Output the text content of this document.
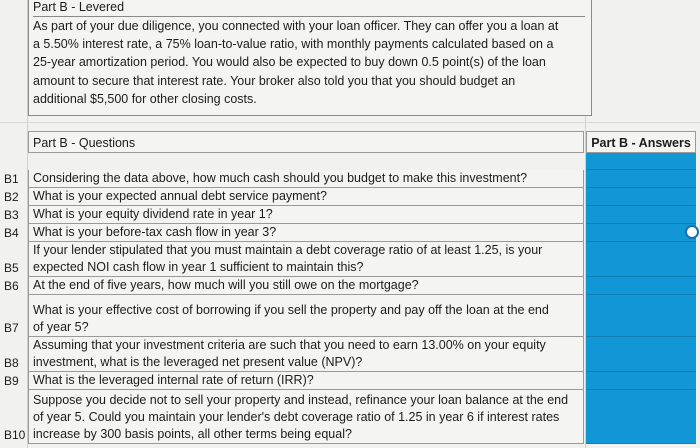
Part B - Levered
As part of your due diligence, you connected with your loan officer. They can offer you a loan at
a 5.50% interest rate, a 75% loan-to-value ratio, with monthly payments calculated based on a
25-year amortization period. You would also be expected to buy down 0.5 point(s) of the loan
amount to secure that interest rate. Your broker also told you that you should budget an
additional $5,500 for other closing costs.
Part B - Questions	Part B - Answers
B1 Considering the data above, how much cash should you budget to make this investment?
B2 What is your expected annual debt service payment?
B3 What is your equity dividend rate in year 1?
B4 What is your before-tax cash flow in year 3?
B5
If your lender stipulated that you must maintain a debt coverage ratio of at least 1.25, is your
expected NOI cash flow in year 1 sufficient to maintain this?
B6 At the end of five years, how much will you still owe on the mortgage?
B7
What is your effective cost of borrowing if you sell the property and pay off the loan at the end
of year 5?
B8
Assuming that your investment criteria are such that you need to earn 13.00% on your equity
investment, what is the leveraged net present value (NPV)?
B9 What is the leveraged internal rate of return (IRR)?
B10
Suppose you decide not to sell your property and instead, refinance your loan balance at the end
of year 5. Could you maintain your lender's debt coverage ratio of 1.25 in year 6 if interest rates
increase by 300 basis points, all other terms being equal?
